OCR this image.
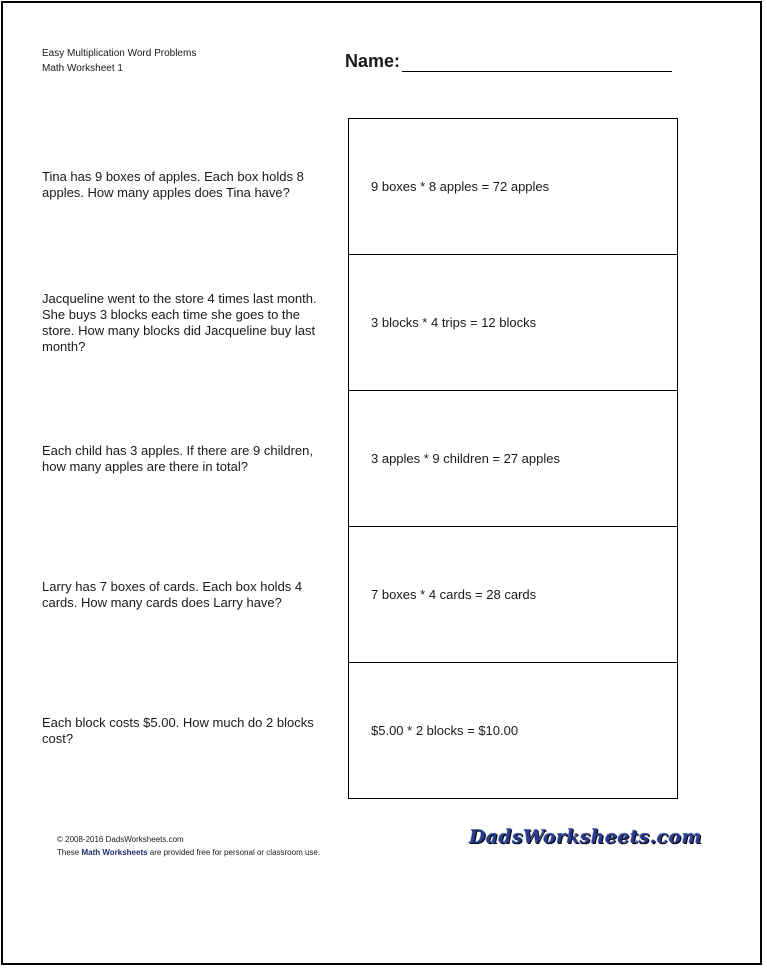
Easy Multiplication Word Problems
Math Worksheet 1	Name:
Tina has 9 boxes of apples. Each box holds 8 apples. How many apples does Tina have?	9 boxes * 8 apples = 72 apples
Jacqueline went to the store 4 times last month. She buys 3 blocks each time she goes to the store. How many blocks did Jacqueline buy last month?
3 blocks * 4 trips = 12 blocks
Each child has 3 apples. If there are 9 children, how many apples are there in total?
3 apples * 9 children = 27 apples
Larry has 7 boxes of cards. Each box holds 4 cards. How many cards does Larry have?
7 boxes * 4 cards = 28 cards
Each block costs $5.00. How much do 2 blocks cost?
$5.00 * 2 blocks = $10.00
© 2008-2016 DadsWorksheets.com
These Math Worksheets are provided free for personal or classroom use.
DadsWorksheets.com
